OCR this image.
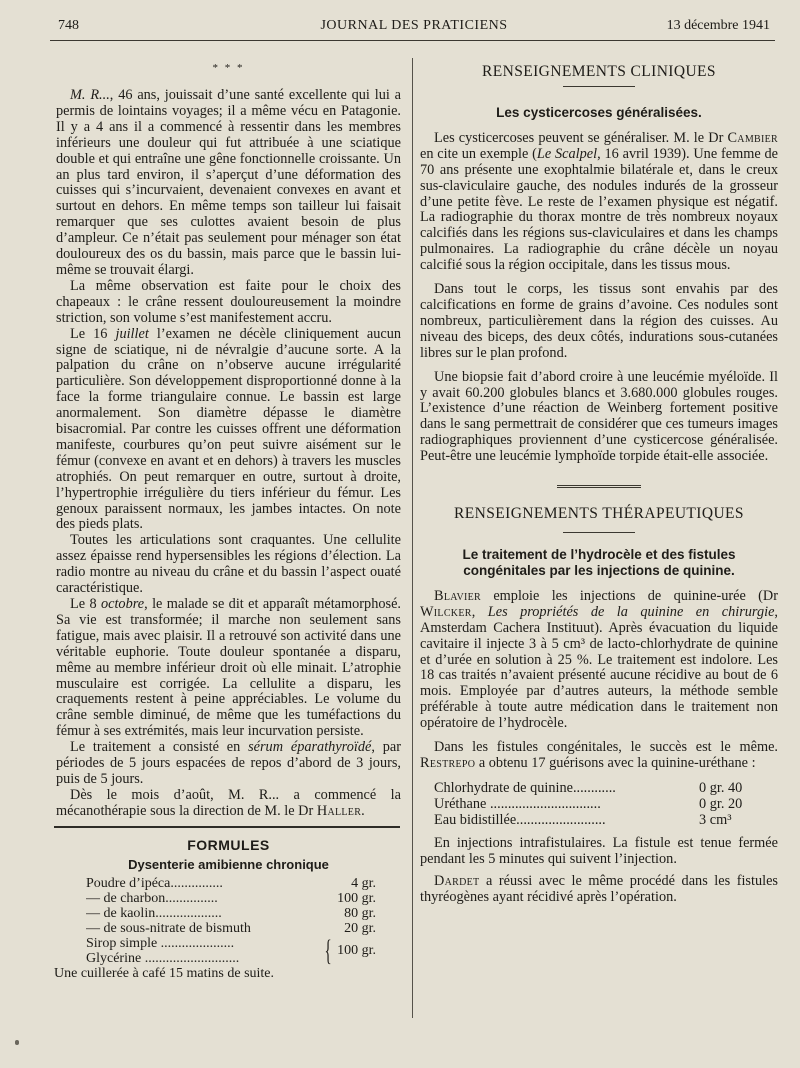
748	JOURNAL DES PRATICIENS	13 décembre 1941
* * *

M. R..., 46 ans, jouissait d’une santé excellente qui lui a permis de lointains voyages; il a même vécu en Patagonie. Il y a 4 ans il a commencé à ressentir dans les membres inférieurs une douleur qui fut attribuée à une sciatique double et qui entraîne une gêne fonctionnelle croissante. Un an plus tard environ, il s’aperçut d’une déformation des cuisses qui s’incurvaient, devenaient convexes en avant et surtout en dehors. En même temps son tailleur lui faisait remarquer que ses culottes avaient besoin de plus d’ampleur. Ce n’était pas seulement pour ménager son état douloureux des os du bassin, mais parce que le bassin lui-même se trouvait élargi.

La même observation est faite pour le choix des chapeaux : le crâne ressent douloureusement la moindre striction, son volume s’est manifestement accru.

Le 16 juillet l’examen ne décèle cliniquement aucun signe de sciatique, ni de névralgie d’aucune sorte. A la palpation du crâne on n’observe aucune irrégularité particulière. Son développement disproportionné donne à la face la forme triangulaire connue. Le bassin est large anormalement. Son diamètre dépasse le diamètre bisacromial. Par contre les cuisses offrent une déformation manifeste, courbures qu’on peut suivre aisément sur le fémur (convexe en avant et en dehors) à travers les muscles atrophiés. On peut remarquer en outre, surtout à droite, l’hypertrophie irrégulière du tiers inférieur du fémur. Les genoux paraissent normaux, les jambes intactes. On note des pieds plats.

Toutes les articulations sont craquantes. Une cellulite assez épaisse rend hypersensibles les régions d’élection. La radio montre au niveau du crâne et du bassin l’aspect ouaté caractéristique.

Le 8 octobre, le malade se dit et apparaît métamorphosé. Sa vie est transformée; il marche non seulement sans fatigue, mais avec plaisir. Il a retrouvé son activité dans une véritable euphorie. Toute douleur spontanée a disparu, même au membre inférieur droit où elle minait. L’atrophie musculaire est corrigée. La cellulite a disparu, les craquements restent à peine appréciables. Le volume du crâne semble diminué, de même que les tuméfactions du fémur à ses extrémités, mais leur incurvation persiste.

Le traitement a consisté en sérum éparathyroïdé, par périodes de 5 jours espacées de repos d’abord de 3 jours, puis de 5 jours.

Dès le mois d’août, M. R... a commencé la mécanothérapie sous la direction de M. le Dr Haller.

FORMULES
Dysenterie amibienne chronique
Poudre d’ipéca...............	4 gr.
— de charbon...............	100 gr.
— de kaolin...................	80 gr.
— de sous-nitrate de bismuth	20 gr.
Sirop simple .....................
Glycérine ...........................	{ 100 gr.
Une cuillerée à café 15 matins de suite.
RENSEIGNEMENTS CLINIQUES
Les cysticercoses généralisées.

Les cysticercoses peuvent se généraliser. M. le Dr Cambier en cite un exemple (Le Scalpel, 16 avril 1939). Une femme de 70 ans présente une exophtalmie bilatérale et, dans le creux sus-claviculaire gauche, des nodules indurés de la grosseur d’une petite fève. Le reste de l’examen physique est négatif. La radiographie du thorax montre de très nombreux noyaux calcifiés dans les régions sus-claviculaires et dans les champs pulmonaires. La radiographie du crâne décèle un noyau calcifié sous la région occipitale, dans les tissus mous.

Dans tout le corps, les tissus sont envahis par des calcifications en forme de grains d’avoine. Ces nodules sont nombreux, particulièrement dans la région des cuisses. Au niveau des biceps, des deux côtés, indurations sous-cutanées libres sur le plan profond.

Une biopsie fait d’abord croire à une leucémie myéloïde. Il y avait 60.200 globules blancs et 3.680.000 globules rouges. L’existence d’une réaction de Weinberg fortement positive dans le sang permettrait de considérer que ces tumeurs images radiographiques proviennent d’une cysticercose généralisée. Peut-être une leucémie lymphoïde torpide était-elle associée.

RENSEIGNEMENTS THÉRAPEUTIQUES
Le traitement de l’hydrocèle et des fistules congénitales par les injections de quinine.

Blavier emploie les injections de quinine-urée (Dr Wilcker, Les propriétés de la quinine en chirurgie, Amsterdam Cachera Instituut). Après évacuation du liquide cavitaire il injecte 3 à 5 cm³ de lacto-chlorhydrate de quinine et d’urée en solution à 25 %. Le traitement est indolore. Les 18 cas traités n’avaient présenté aucune récidive au bout de 6 mois. Employée par d’autres auteurs, la méthode semble préférable à toute autre médication dans le traitement non opératoire de l’hydrocèle.

Dans les fistules congénitales, le succès est le même. Restrepo a obtenu 17 guérisons avec la quinine-uréthane :

Chlorhydrate de quinine............	0 gr. 40
Uréthane ...............................	0 gr. 20
Eau bidistillée.........................	3 cm³

En injections intrafistulaires. La fistule est tenue fermée pendant les 5 minutes qui suivent l’injection.

Dardet a réussi avec le même procédé dans les fistules thyréogènes ayant récidivé après l’opération.
